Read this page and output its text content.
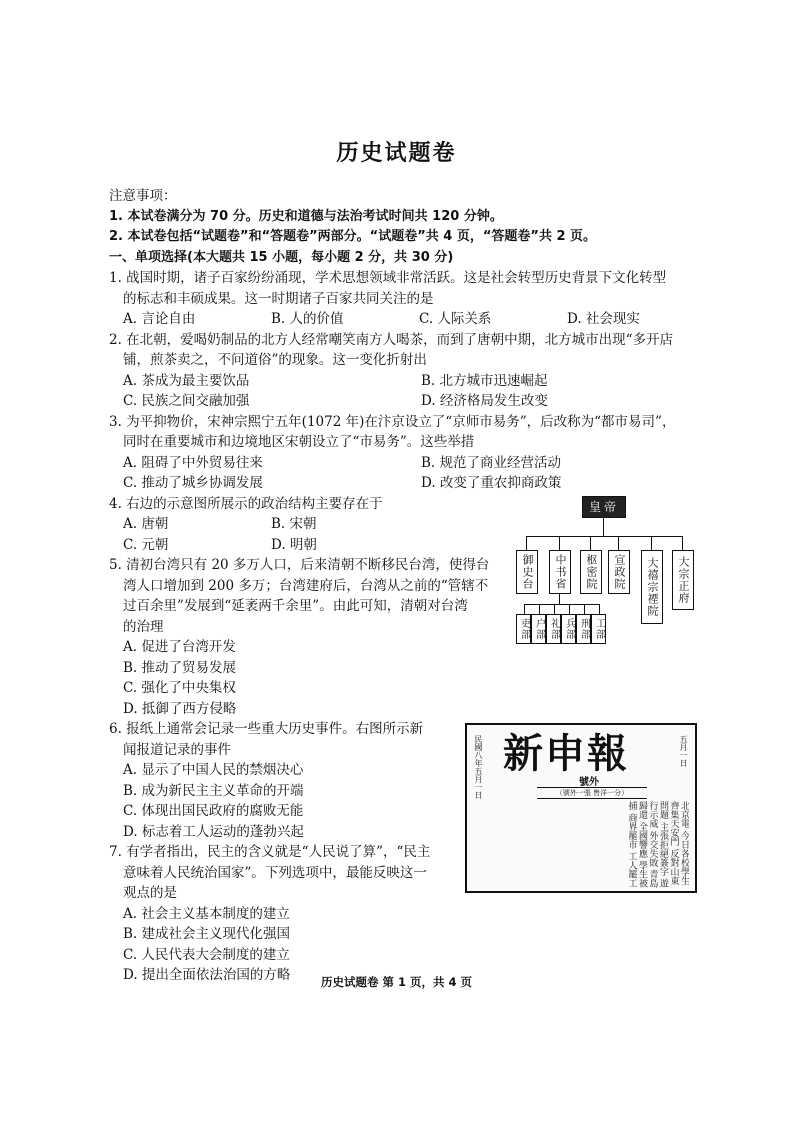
历史试题卷
注意事项：
1. 本试卷满分为 70 分。历史和道德与法治考试时间共 120 分钟。
2. 本试卷包括“试题卷”和“答题卷”两部分。“试题卷”共 4 页，“答题卷”共 2 页。
一、单项选择(本大题共 15 小题，每小题 2 分，共 30 分)
1. 战国时期，诸子百家纷纷涌现，学术思想领域非常活跃。这是社会转型历史背景下文化转型
的标志和丰硕成果。这一时期诸子百家共同关注的是
A. 言论自由	B. 人的价值	C. 人际关系	D. 社会现实
2. 在北朝，爱喝奶制品的北方人经常嘲笑南方人喝茶，而到了唐朝中期，北方城市出现“多开店
铺，煎茶卖之，不问道俗”的现象。这一变化折射出
A. 茶成为最主要饮品	B. 北方城市迅速崛起
C. 民族之间交融加强	D. 经济格局发生改变
3. 为平抑物价，宋神宗熙宁五年(1072 年)在汴京设立了“京师市易务”，后改称为“都市易司”，
同时在重要城市和边境地区宋朝设立了“市易务”。这些举措
A. 阻碍了中外贸易往来	B. 规范了商业经营活动
C. 推动了城乡协调发展	D. 改变了重农抑商政策
4. 右边的示意图所展示的政治结构主要存在于
A. 唐朝	B. 宋朝
C. 元朝	D. 明朝
5. 清初台湾只有 20 多万人口，后来清朝不断移民台湾，使得台
湾人口增加到 200 多万；台湾建府后，台湾从之前的“管辖不
过百余里”发展到“延袤两千余里”。由此可知，清朝对台湾
的治理
A. 促进了台湾开发
B. 推动了贸易发展
C. 强化了中央集权
D. 抵御了西方侵略
6. 报纸上通常会记录一些重大历史事件。右图所示新
闻报道记录的事件
A. 显示了中国人民的禁烟决心
B. 成为新民主主义革命的开端
C. 体现出国民政府的腐败无能
D. 标志着工人运动的蓬勃兴起
7. 有学者指出，民主的含义就是“人民说了算”，“民主
意味着人民统治国家”。下列选项中，最能反映这一
观点的是
A. 社会主义基本制度的建立
B. 建成社会主义现代化强国
C. 人民代表大会制度的建立
D. 提出全面依法治国的方略
皇帝
御史台 中书省 枢密院 宣政院 大禧宗禋院 大宗正府
吏部 户部 礼部 兵部 刑部 工部
民國八年五月一日 新申報
號外
五月一日
（號外一張 售洋一分）
北京電 今日各校學生 齊集天安門 反對山東問題 主張拒絕簽字 遊行示威 外交失敗 青島歸還 全國響應 學生被捕 商界罷市 工人罷工
历史试题卷 第 1 页，共 4 页
